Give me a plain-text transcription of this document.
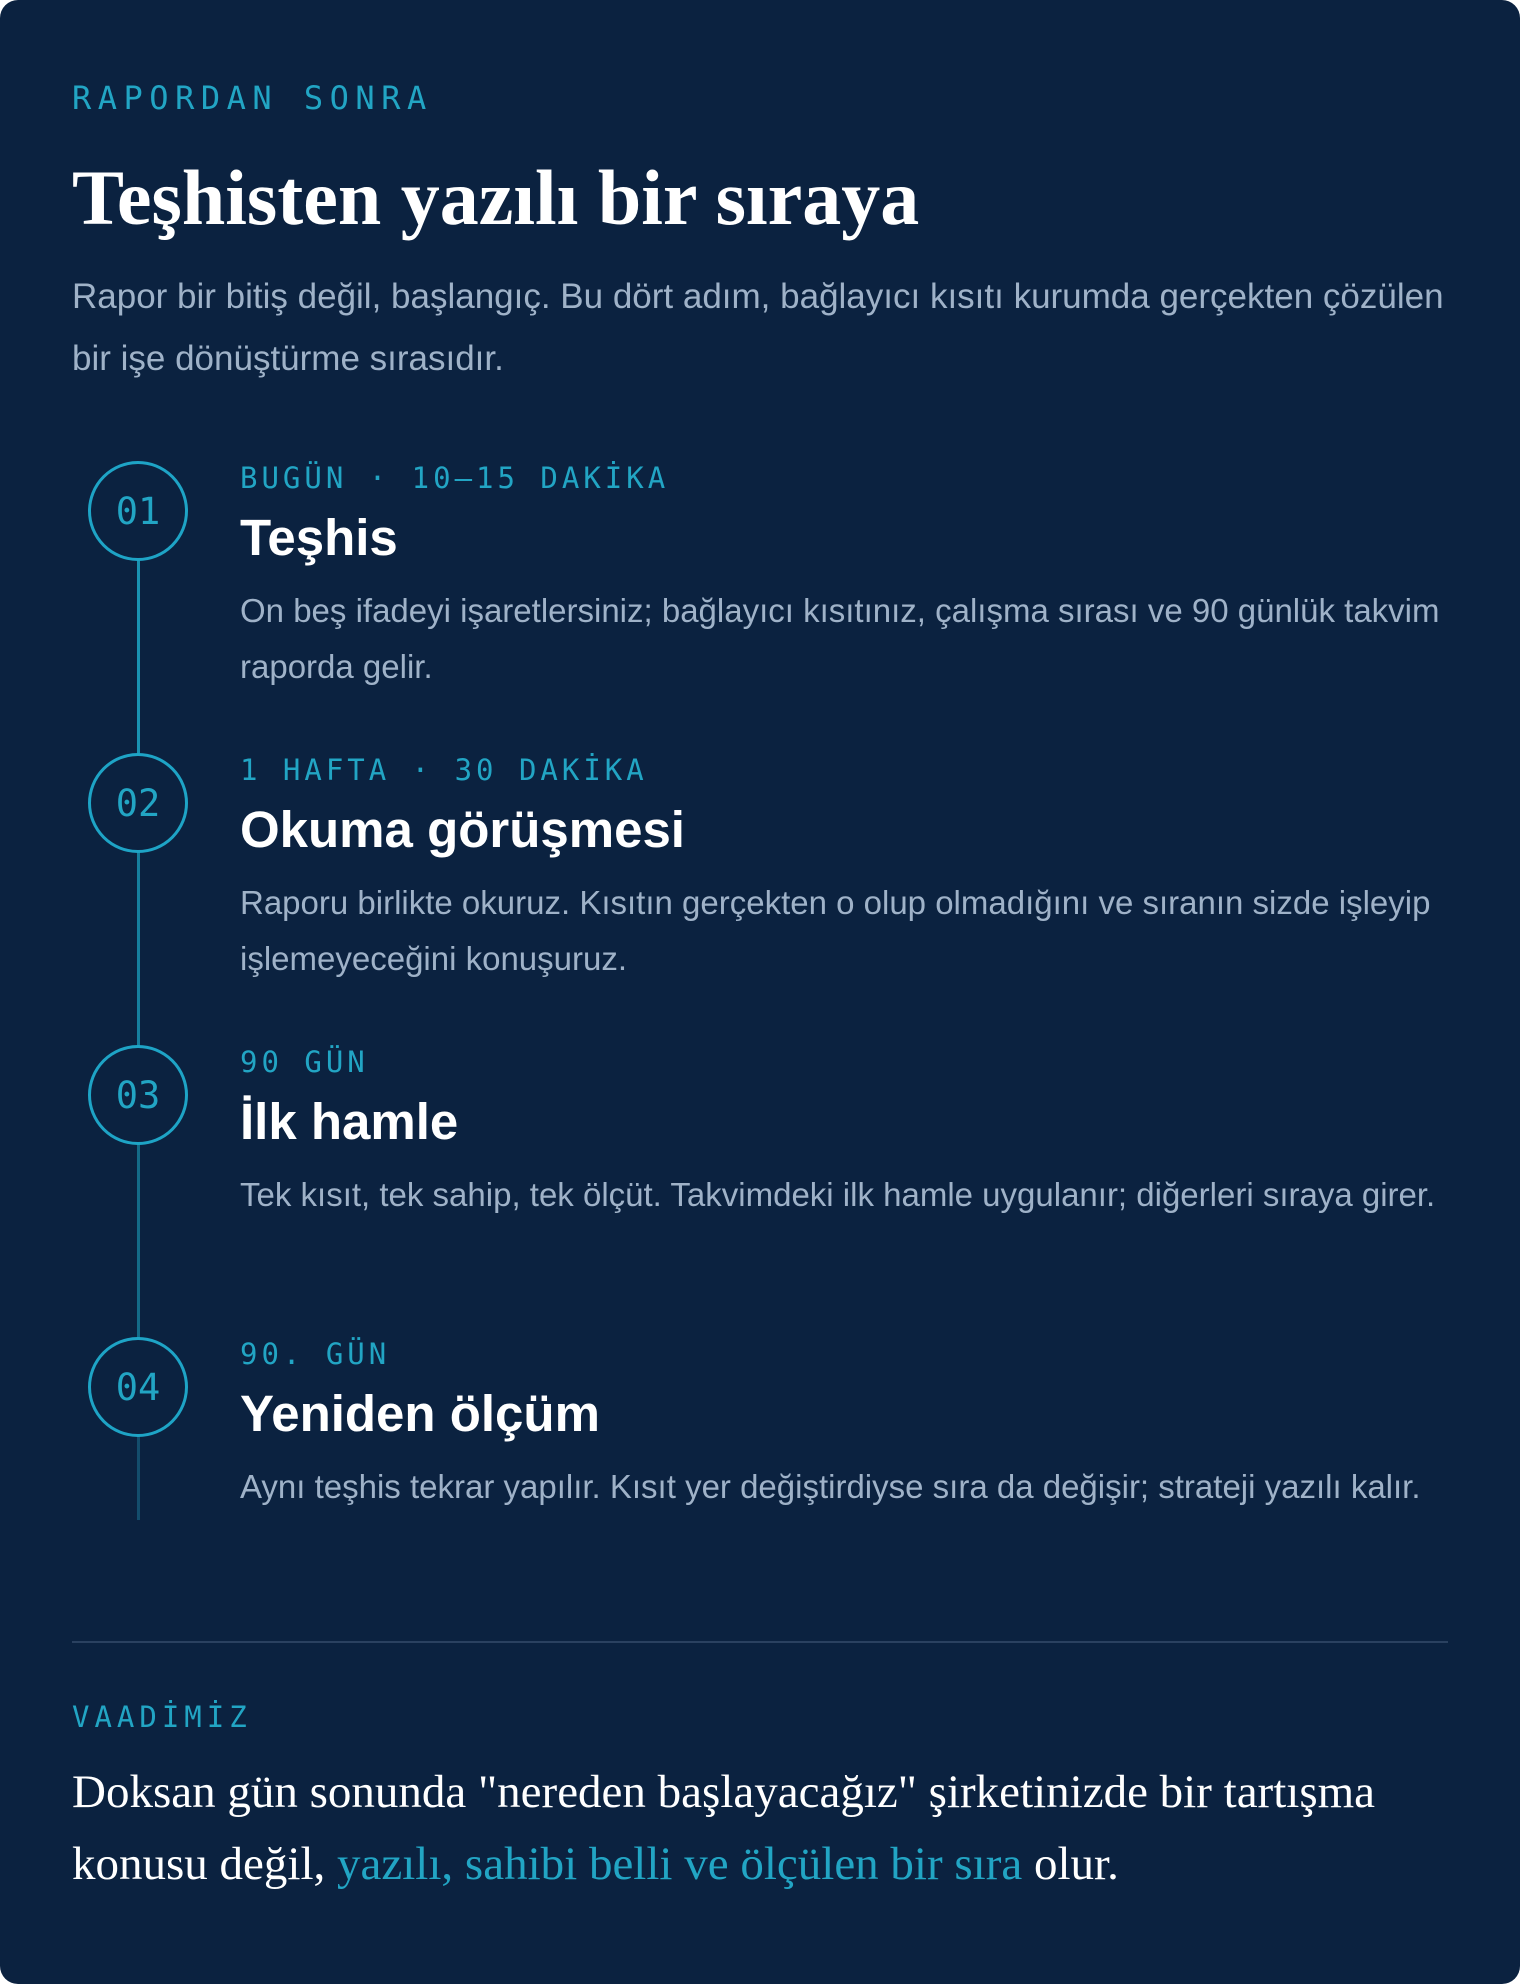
RAPORDAN SONRA
Teşhisten yazılı bir sıraya

Rapor bir bitiş değil, başlangıç. Bu dört adım, bağlayıcı kısıtı kurumda gerçekten çözülen bir işe dönüştürme sırasıdır.

01
BUGÜN · 10–15 DAKİKA
Teşhis
On beş ifadeyi işaretlersiniz; bağlayıcı kısıtınız, çalışma sırası ve 90 günlük takvim raporda gelir.
02
1 HAFTA · 30 DAKİKA
Okuma görüşmesi
Raporu birlikte okuruz. Kısıtın gerçekten o olup olmadığını ve sıranın sizde işleyip işlemeyeceğini konuşuruz.
03
90 GÜN
İlk hamle
Tek kısıt, tek sahip, tek ölçüt. Takvimdeki ilk hamle uygulanır; diğerleri sıraya girer.
04
90. GÜN
Yeniden ölçüm
Aynı teşhis tekrar yapılır. Kısıt yer değiştirdiyse sıra da değişir; strateji yazılı kalır.
VAADİMİZ

Doksan gün sonunda "nereden başlayacağız" şirketinizde bir tartışma konusu değil, yazılı, sahibi belli ve ölçülen bir sıra olur.
